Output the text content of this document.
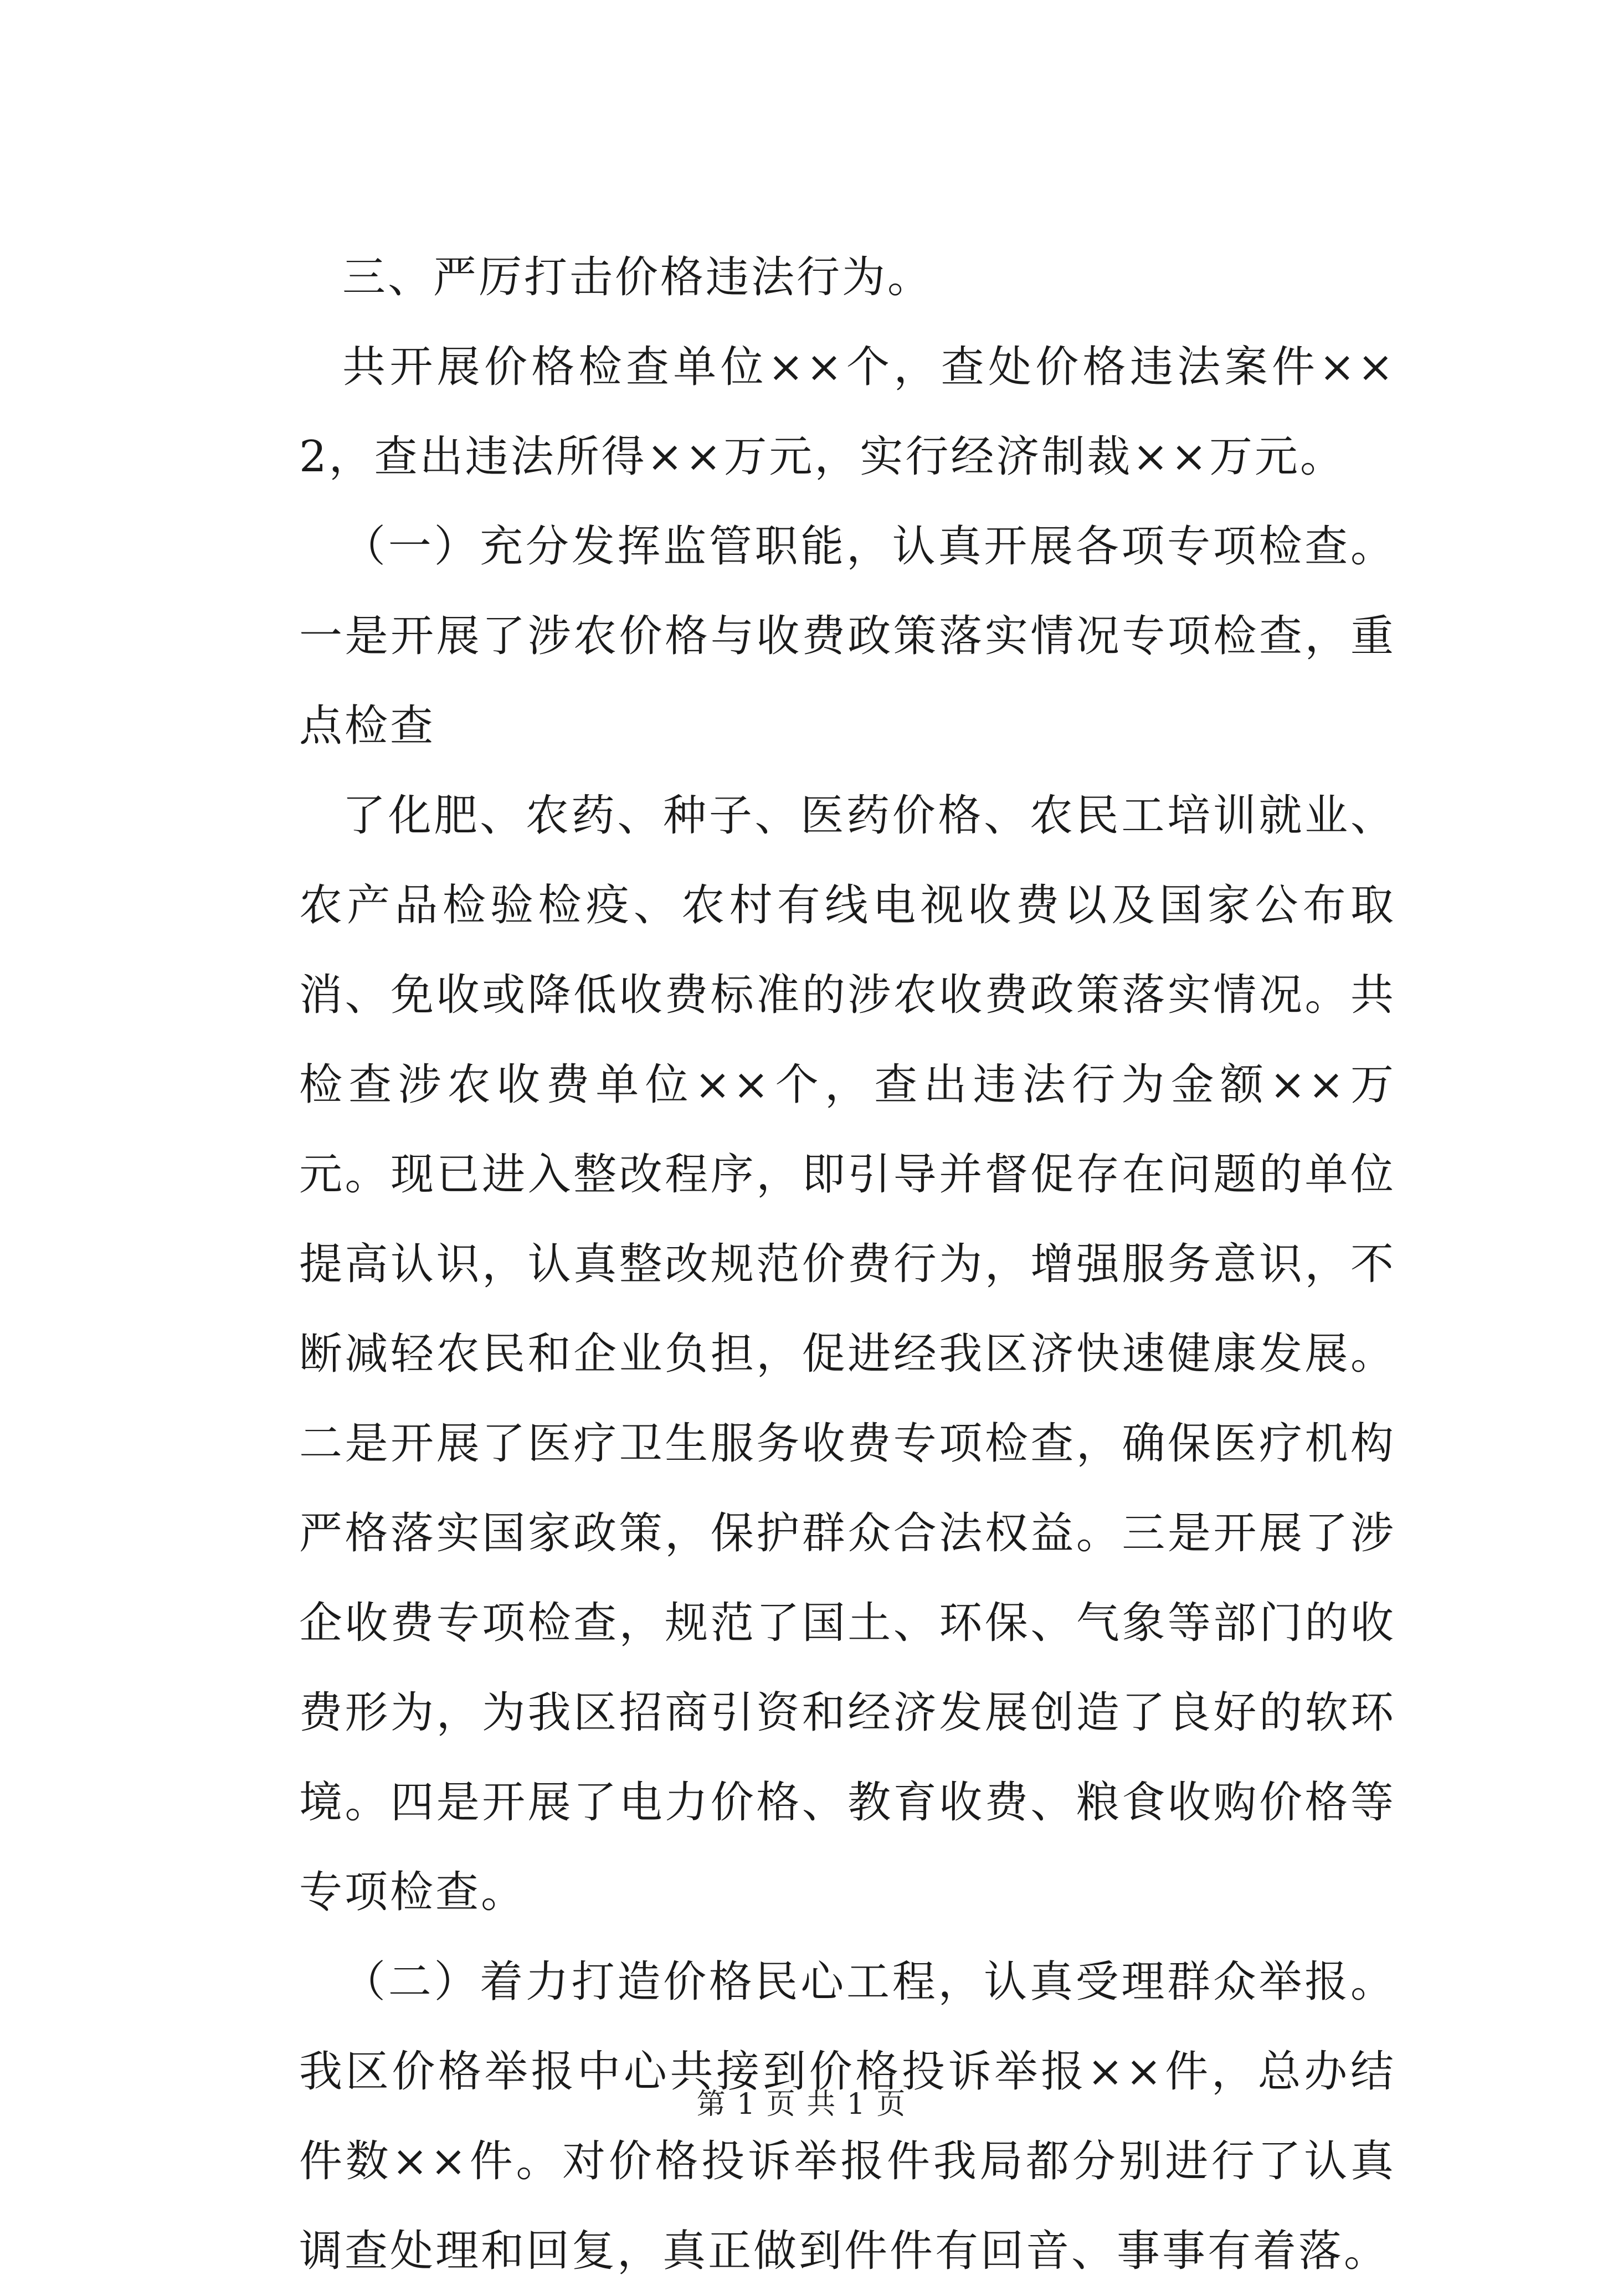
三、严厉打击价格违法行为。

共开展价格检查单位××个，查处价格违法案件××2，查出违法所得××万元，实行经济制裁××万元。

（一）充分发挥监管职能，认真开展各项专项检查。一是开展了涉农价格与收费政策落实情况专项检查，重点检查

了化肥、农药、种子、医药价格、农民工培训就业、农产品检验检疫、农村有线电视收费以及国家公布取消、免收或降低收费标准的涉农收费政策落实情况。共检查涉农收费单位××个，查出违法行为金额××万元。现已进入整改程序，即引导并督促存在问题的单位提高认识，认真整改规范价费行为，增强服务意识，不断减轻农民和企业负担，促进经我区济快速健康发展。二是开展了医疗卫生服务收费专项检查，确保医疗机构严格落实国家政策，保护群众合法权益。三是开展了涉企收费专项检查，规范了国土、环保、气象等部门的收费形为，为我区招商引资和经济发展创造了良好的软环境。四是开展了电力价格、教育收费、粮食收购价格等专项检查。

（二）着力打造价格民心工程，认真受理群众举报。我区价格举报中心共接到价格投诉举报××件，总办结件数××件。对价格投诉举报件我局都分别进行了认真调查处理和回复，真正做到件件有回音、事事有着落。

第 1 页 共 1 页
